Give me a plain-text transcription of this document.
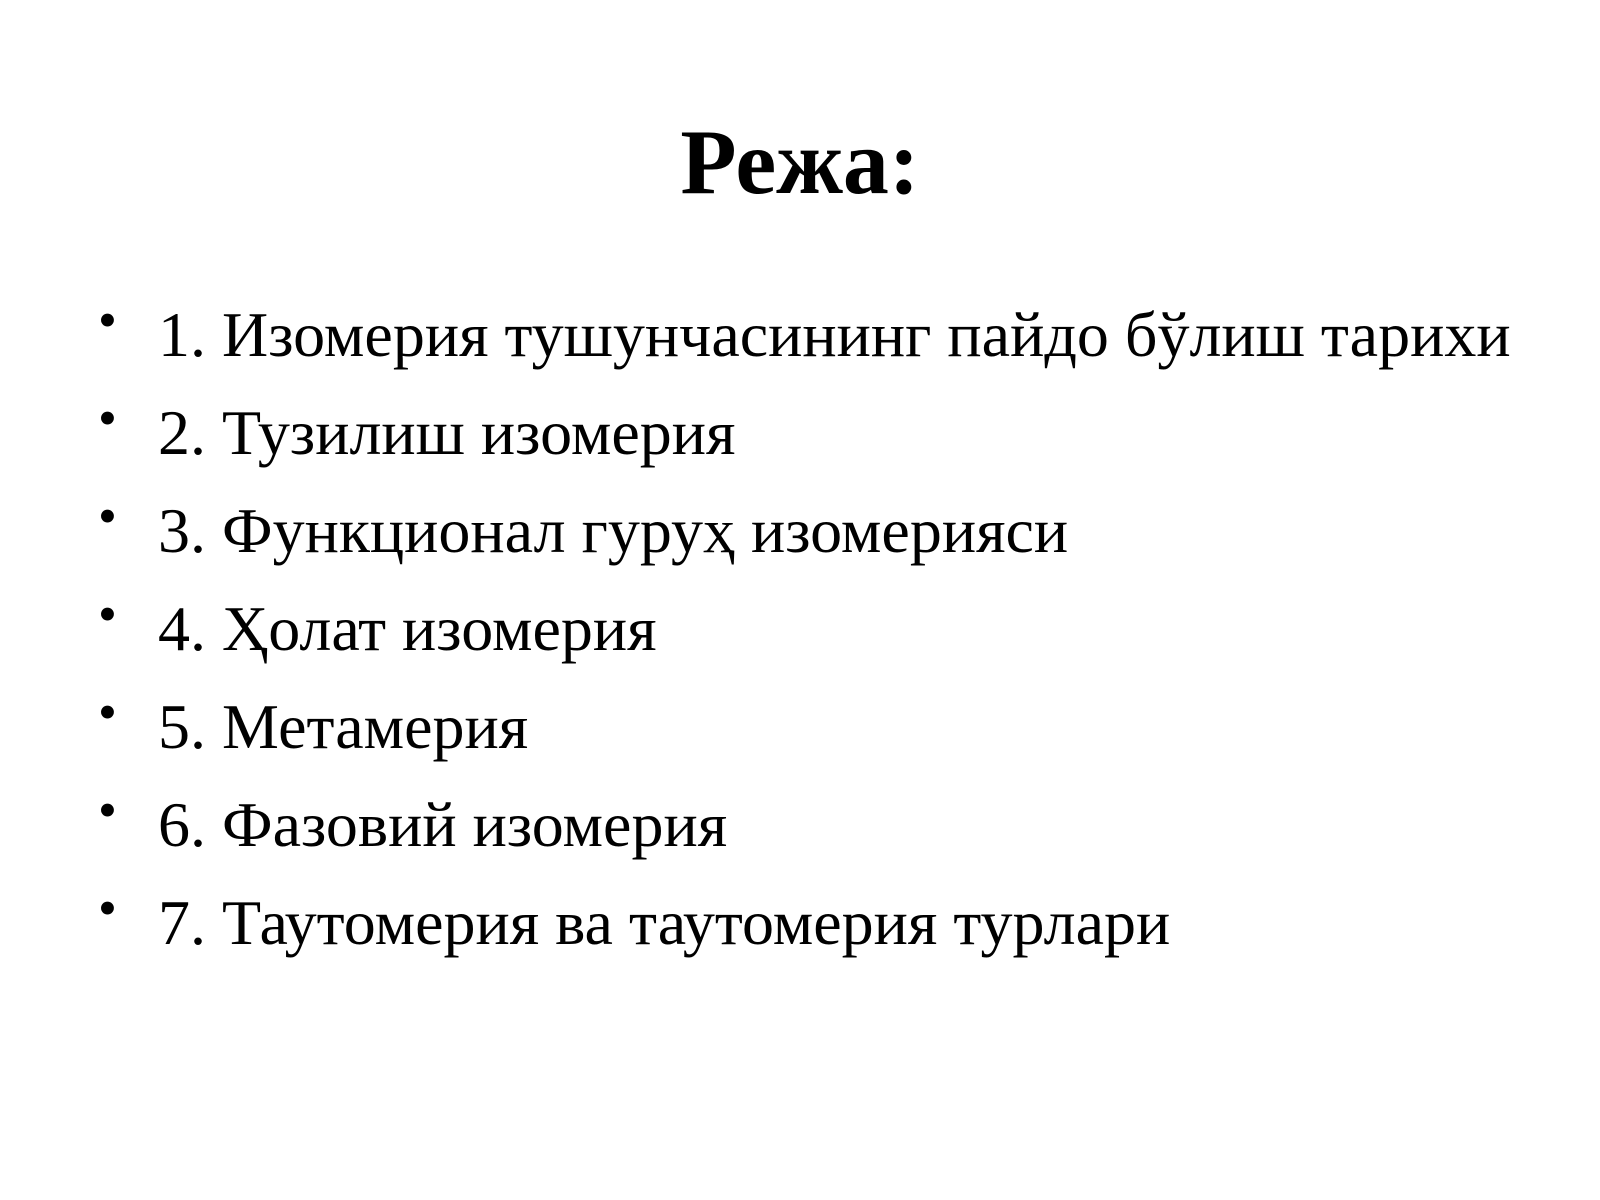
Режа:
• 1. Изомерия тушунчасининг пайдо бўлиш тарихи
• 2. Тузилиш изомерия
• 3. Функционал гуруҳ изомерияси
• 4. Ҳолат изомерия
• 5. Метамерия
• 6. Фазовий изомерия
• 7. Таутомерия ва таутомерия турлари
